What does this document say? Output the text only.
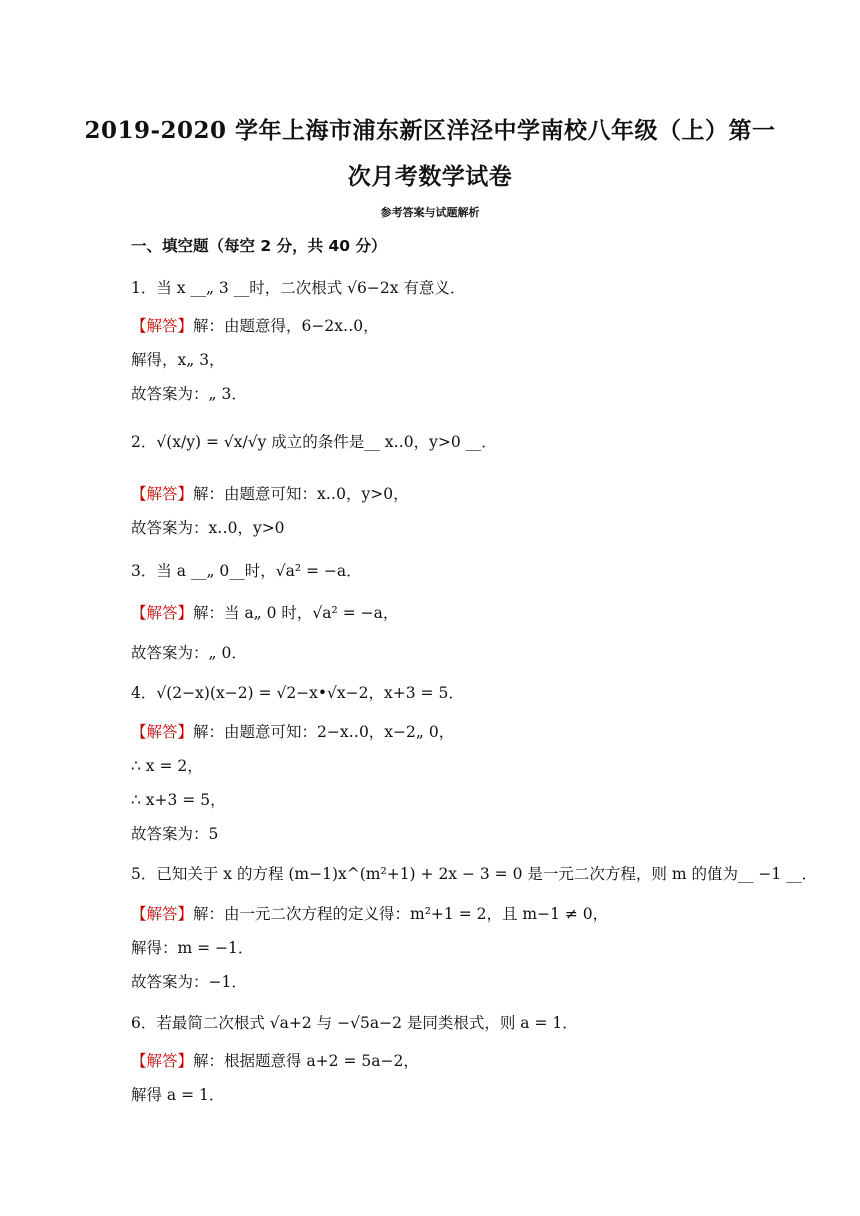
2019-2020 学年上海市浦东新区洋泾中学南校八年级（上）第一
次月考数学试卷
参考答案与试题解析
一、填空题（每空 2 分，共 40 分）
1．当 x __„ 3 __时，二次根式 √6−2x 有意义．
【解答】解：由题意得，6−2x‥0，
解得，x„ 3，
故答案为：„ 3．
2．√(x/y) = √x/√y 成立的条件是__ x‥0，y>0 __．
【解答】解：由题意可知：x‥0，y>0，
故答案为：x‥0，y>0
3．当 a __„ 0__时，√a² = −a．
【解答】解：当 a„ 0 时，√a² = −a，
故答案为：„ 0．
4．√(2−x)(x−2) = √2−x•√x−2，x+3 = 5．
【解答】解：由题意可知：2−x‥0，x−2„ 0，
∴ x = 2，
∴ x+3 = 5，
故答案为：5
5．已知关于 x 的方程 (m−1)x^(m²+1) + 2x − 3 = 0 是一元二次方程，则 m 的值为__ −1 __．
【解答】解：由一元二次方程的定义得：m²+1 = 2，且 m−1 ≠ 0，
解得：m = −1．
故答案为：−1．
6．若最简二次根式 √a+2 与 −√5a−2 是同类根式，则 a = 1．
【解答】解：根据题意得 a+2 = 5a−2，
解得 a = 1．
